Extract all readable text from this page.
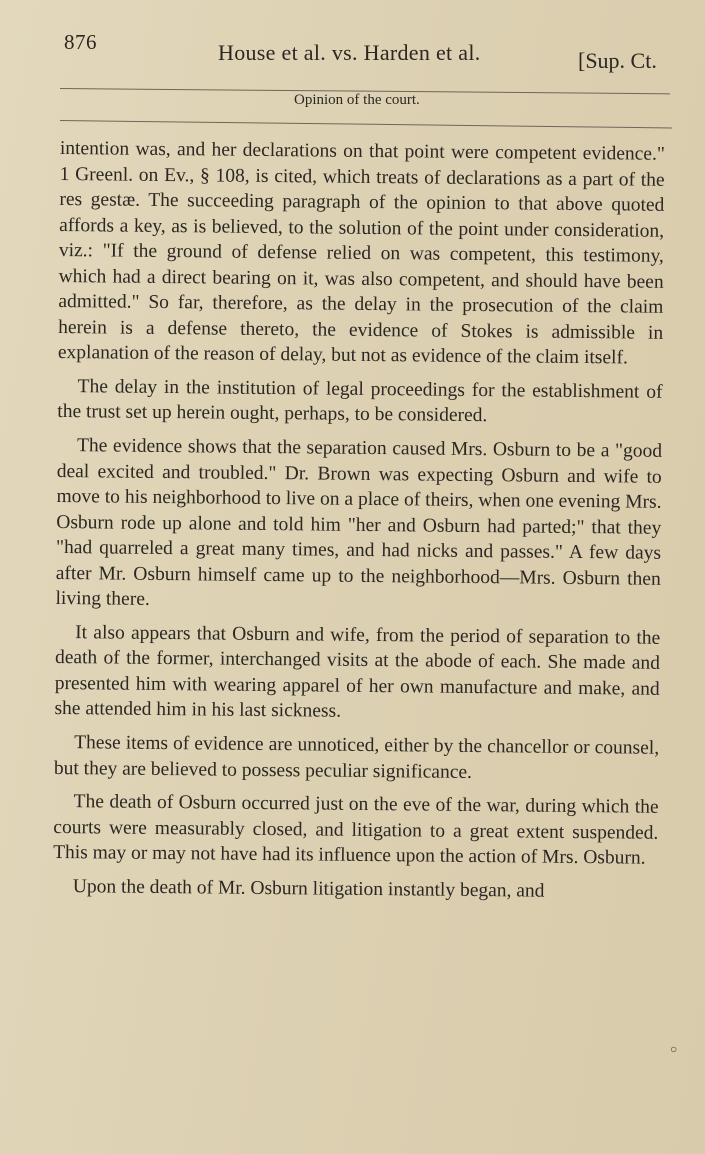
876	House et al. vs. Harden et al.	[Sup. Ct.
Opinion of the court.

intention was, and her declarations on that point were competent evidence." 1 Greenl. on Ev., § 108, is cited, which treats of declarations as a part of the res gestæ. The succeeding paragraph of the opinion to that above quoted affords a key, as is believed, to the solution of the point under consideration, viz.: "If the ground of defense relied on was competent, this testimony, which had a direct bearing on it, was also competent, and should have been admitted." So far, therefore, as the delay in the prosecution of the claim herein is a defense thereto, the evidence of Stokes is admissible in explanation of the reason of delay, but not as evidence of the claim itself.

The delay in the institution of legal proceedings for the establishment of the trust set up herein ought, perhaps, to be considered.

The evidence shows that the separation caused Mrs. Osburn to be a "good deal excited and troubled." Dr. Brown was expecting Osburn and wife to move to his neighborhood to live on a place of theirs, when one evening Mrs. Osburn rode up alone and told him "her and Osburn had parted;" that they "had quarreled a great many times, and had nicks and passes." A few days after Mr. Osburn himself came up to the neighborhood—Mrs. Osburn then living there.

It also appears that Osburn and wife, from the period of separation to the death of the former, interchanged visits at the abode of each. She made and presented him with wearing apparel of her own manufacture and make, and she attended him in his last sickness.

These items of evidence are unnoticed, either by the chancellor or counsel, but they are believed to possess peculiar significance.

The death of Osburn occurred just on the eve of the war, during which the courts were measurably closed, and litigation to a great extent suspended. This may or may not have had its influence upon the action of Mrs. Osburn.

Upon the death of Mr. Osburn litigation instantly began, and

○
